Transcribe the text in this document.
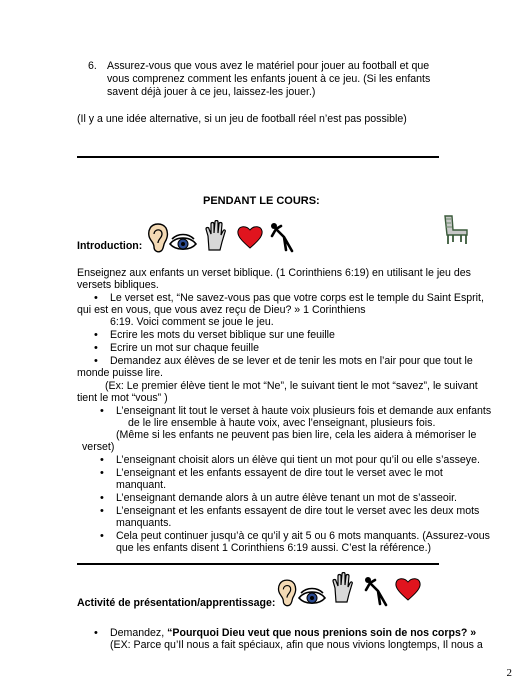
6. Assurez-vous que vous avez le matériel pour jouer au football et que
vous comprenez comment les enfants jouent à ce jeu. (Si les enfants
savent déjà jouer à ce jeu, laissez-les jouer.)
(Il y a une idée alternative, si un jeu de football réel n’est pas possible)
PENDANT LE COURS:
Introduction:
Enseignez aux enfants un verset biblique. (1 Corinthiens 6:19) en utilisant le jeu des
versets bibliques.
• Le verset est, “Ne savez-vous pas que votre corps est le temple du Saint Esprit,
qui est en vous, que vous avez reçu de Dieu? » 1 Corinthiens
6:19. Voici comment se joue le jeu.
• Ecrire les mots du verset biblique sur une feuille
• Ecrire un mot sur chaque feuille
• Demandez aux élèves de se lever et de tenir les mots en l’air pour que tout le
monde puisse lire.
(Ex: Le premier élève tient le mot “Ne”, le suivant tient le mot “savez”, le suivant
tient le mot “vous” )
• L’enseignant lit tout le verset à haute voix plusieurs fois et demande aux enfants
de le lire ensemble à haute voix, avec l’enseignant, plusieurs fois.
(Même si les enfants ne peuvent pas bien lire, cela les aidera à mémoriser le
verset)
• L’enseignant choisit alors un élève qui tient un mot pour qu’il ou elle s’asseye.
• L’enseignant et les enfants essayent de dire tout le verset avec le mot
manquant.
• L’enseignant demande alors à un autre élève tenant un mot de s’asseoir.
• L’enseignant et les enfants essayent de dire tout le verset avec les deux mots
manquants.
• Cela peut continuer jusqu’à ce qu’il y ait 5 ou 6 mots manquants. (Assurez-vous
que les enfants disent 1 Corinthiens 6:19 aussi. C’est la référence.)
Activité de présentation/apprentissage:
• Demandez, “Pourquoi Dieu veut que nous prenions soin de nos corps? »
(EX: Parce qu’Il nous a fait spéciaux, afin que nous vivions longtemps, Il nous a
2
